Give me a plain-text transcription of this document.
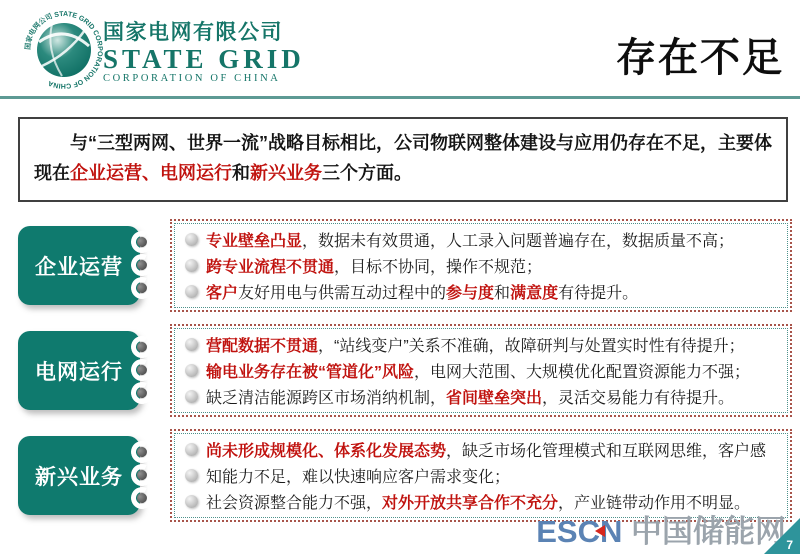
国家电网公司 STATE GRID CORPORATION OF CHINA
国家电网有限公司
STATE GRID
CORPORATION OF CHINA	存在不足
与“三型两网、世界一流”战略目标相比，公司物联网整体建设与应用仍存在不足，主要体现在企业运营、电网运行和新兴业务三个方面。
企业运营
专业壁垒凸显 ，数据未有效贯通，人工录入问题普遍存在，数据质量不高；
跨专业流程不贯通 ，目标不协同，操作不规范；
客户 友好用电与供需互动过程中的 参与度 和 满意度 有待提升。
电网运行
营配数据不贯通 ，“站线变户”关系不准确，故障研判与处置实时性有待提升；
输电业务存在被“管道化”风险 ，电网大范围、大规模优化配置资源能力不强；
缺乏清洁能源跨区市场消纳机制， 省间壁垒突出 ，灵活交易能力有待提升。
新兴业务
尚未形成规模化、体系化发展态势 ，缺乏市场化管理模式和互联网思维，客户感
知能力不足，难以快速响应客户需求变化；
社会资源整合能力不强， 对外开放共享合作不充分 ，产业链带动作用不明显。
ESCN 中国储能网 7
